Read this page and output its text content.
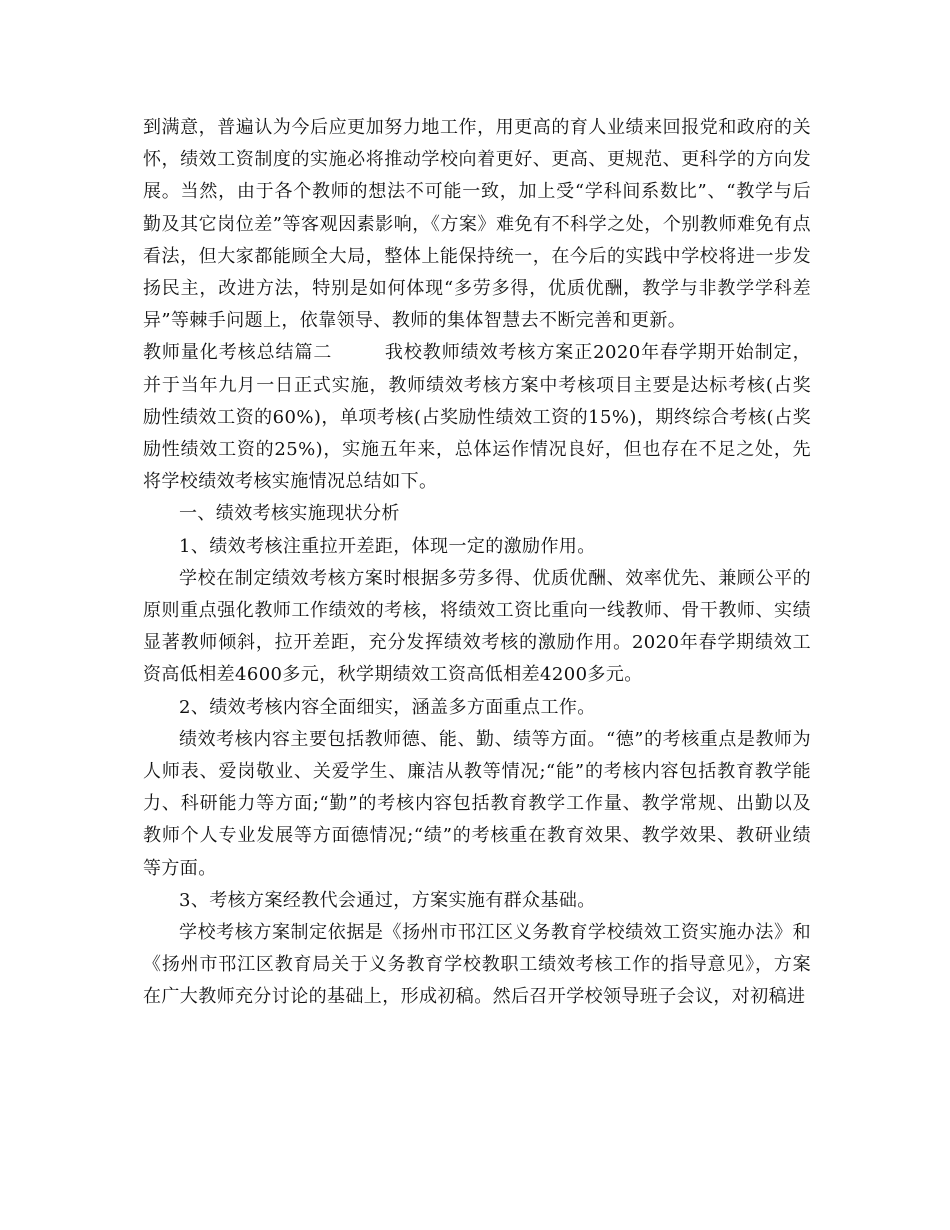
到满意，普遍认为今后应更加努力地工作，用更高的育人业绩来回报党和政府的关怀，绩效工资制度的实施必将推动学校向着更好、更高、更规范、更科学的方向发展。当然，由于各个教师的想法不可能一致，加上受“学科间系数比”、“教学与后勤及其它岗位差”等客观因素影响，《方案》难免有不科学之处，个别教师难免有点看法，但大家都能顾全大局，整体上能保持统一，在今后的实践中学校将进一步发扬民主，改进方法，特别是如何体现“多劳多得，优质优酬，教学与非教学学科差异”等棘手问题上，依靠领导、教师的集体智慧去不断完善和更新。

教师量化考核总结篇二	我校教师绩效考核方案正2020年春学期开始制定，并于当年九月一日正式实施，教师绩效考核方案中考核项目主要是达标考核(占奖励性绩效工资的60%)，单项考核(占奖励性绩效工资的15%)，期终综合考核(占奖励性绩效工资的25%)，实施五年来，总体运作情况良好，但也存在不足之处，先将学校绩效考核实施情况总结如下。

一、绩效考核实施现状分析

1、绩效考核注重拉开差距，体现一定的激励作用。

学校在制定绩效考核方案时根据多劳多得、优质优酬、效率优先、兼顾公平的原则重点强化教师工作绩效的考核，将绩效工资比重向一线教师、骨干教师、实绩显著教师倾斜，拉开差距，充分发挥绩效考核的激励作用。2020年春学期绩效工资高低相差4600多元，秋学期绩效工资高低相差4200多元。

2、绩效考核内容全面细实，涵盖多方面重点工作。

绩效考核内容主要包括教师德、能、勤、绩等方面。“德”的考核重点是教师为人师表、爱岗敬业、关爱学生、廉洁从教等情况;“能”的考核内容包括教育教学能力、科研能力等方面;“勤”的考核内容包括教育教学工作量、教学常规、出勤以及教师个人专业发展等方面德情况;“绩”的考核重在教育效果、教学效果、教研业绩等方面。

3、考核方案经教代会通过，方案实施有群众基础。

学校考核方案制定依据是《扬州市邗江区义务教育学校绩效工资实施办法》和《扬州市邗江区教育局关于义务教育学校教职工绩效考核工作的指导意见》，方案在广大教师充分讨论的基础上，形成初稿。然后召开学校领导班子会议，对初稿进
